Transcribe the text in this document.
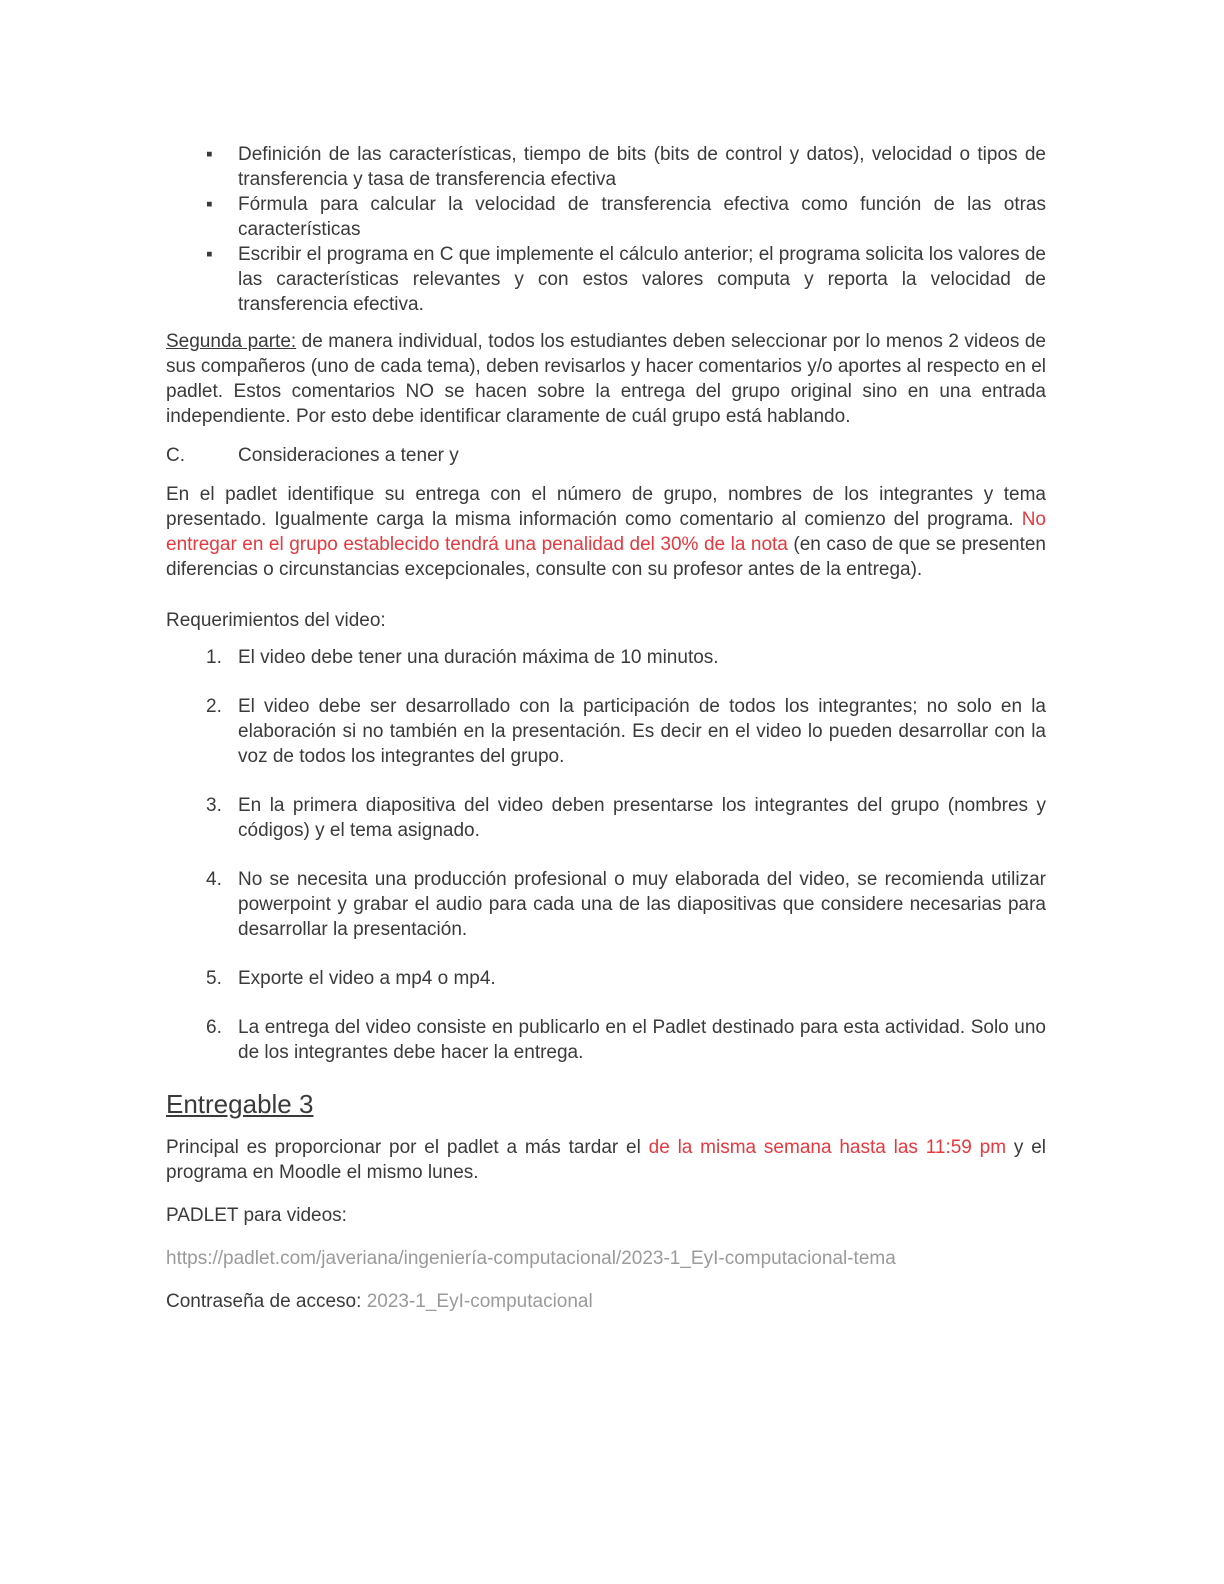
▪ Definición de las características, tiempo de bits (bits de control y datos), velocidad o tipos de transferencia y tasa de transferencia efectiva
▪ Fórmula para calcular la velocidad de transferencia efectiva como función de las otras características
▪ Escribir el programa en C que implemente el cálculo anterior; el programa solicita los valores de las características relevantes y con estos valores computa y reporta la velocidad de transferencia efectiva.

Segunda parte: de manera individual, todos los estudiantes deben seleccionar por lo menos 2 videos de sus compañeros (uno de cada tema), deben revisarlos y hacer comentarios y/o aportes al respecto en el padlet. Estos comentarios NO se hacen sobre la entrega del grupo original sino en una entrada independiente. Por esto debe identificar claramente de cuál grupo está hablando.

C.	Consideraciones a tener y

En el padlet identifique su entrega con el número de grupo, nombres de los integrantes y tema presentado. Igualmente carga la misma información como comentario al comienzo del programa. No entregar en el grupo establecido tendrá una penalidad del 30% de la nota (en caso de que se presenten diferencias o circunstancias excepcionales, consulte con su profesor antes de la entrega).

Requerimientos del video:

1. El video debe tener una duración máxima de 10 minutos.
2. El video debe ser desarrollado con la participación de todos los integrantes; no solo en la elaboración si no también en la presentación. Es decir en el video lo pueden desarrollar con la voz de todos los integrantes del grupo.
3. En la primera diapositiva del video deben presentarse los integrantes del grupo (nombres y códigos) y el tema asignado.
4. No se necesita una producción profesional o muy elaborada del video, se recomienda utilizar powerpoint y grabar el audio para cada una de las diapositivas que considere necesarias para desarrollar la presentación.
5. Exporte el video a mp4 o mp4.
6. La entrega del video consiste en publicarlo en el Padlet destinado para esta actividad. Solo uno de los integrantes debe hacer la entrega.

Entregable 3

Principal es proporcionar por el padlet a más tardar el de la misma semana hasta las 11:59 pm y el programa en Moodle el mismo lunes.

PADLET para videos:

https://padlet.com/javeriana/ingeniería-computacional/2023-1_EyI-computacional-tema

Contraseña de acceso: 2023-1_EyI-computacional
